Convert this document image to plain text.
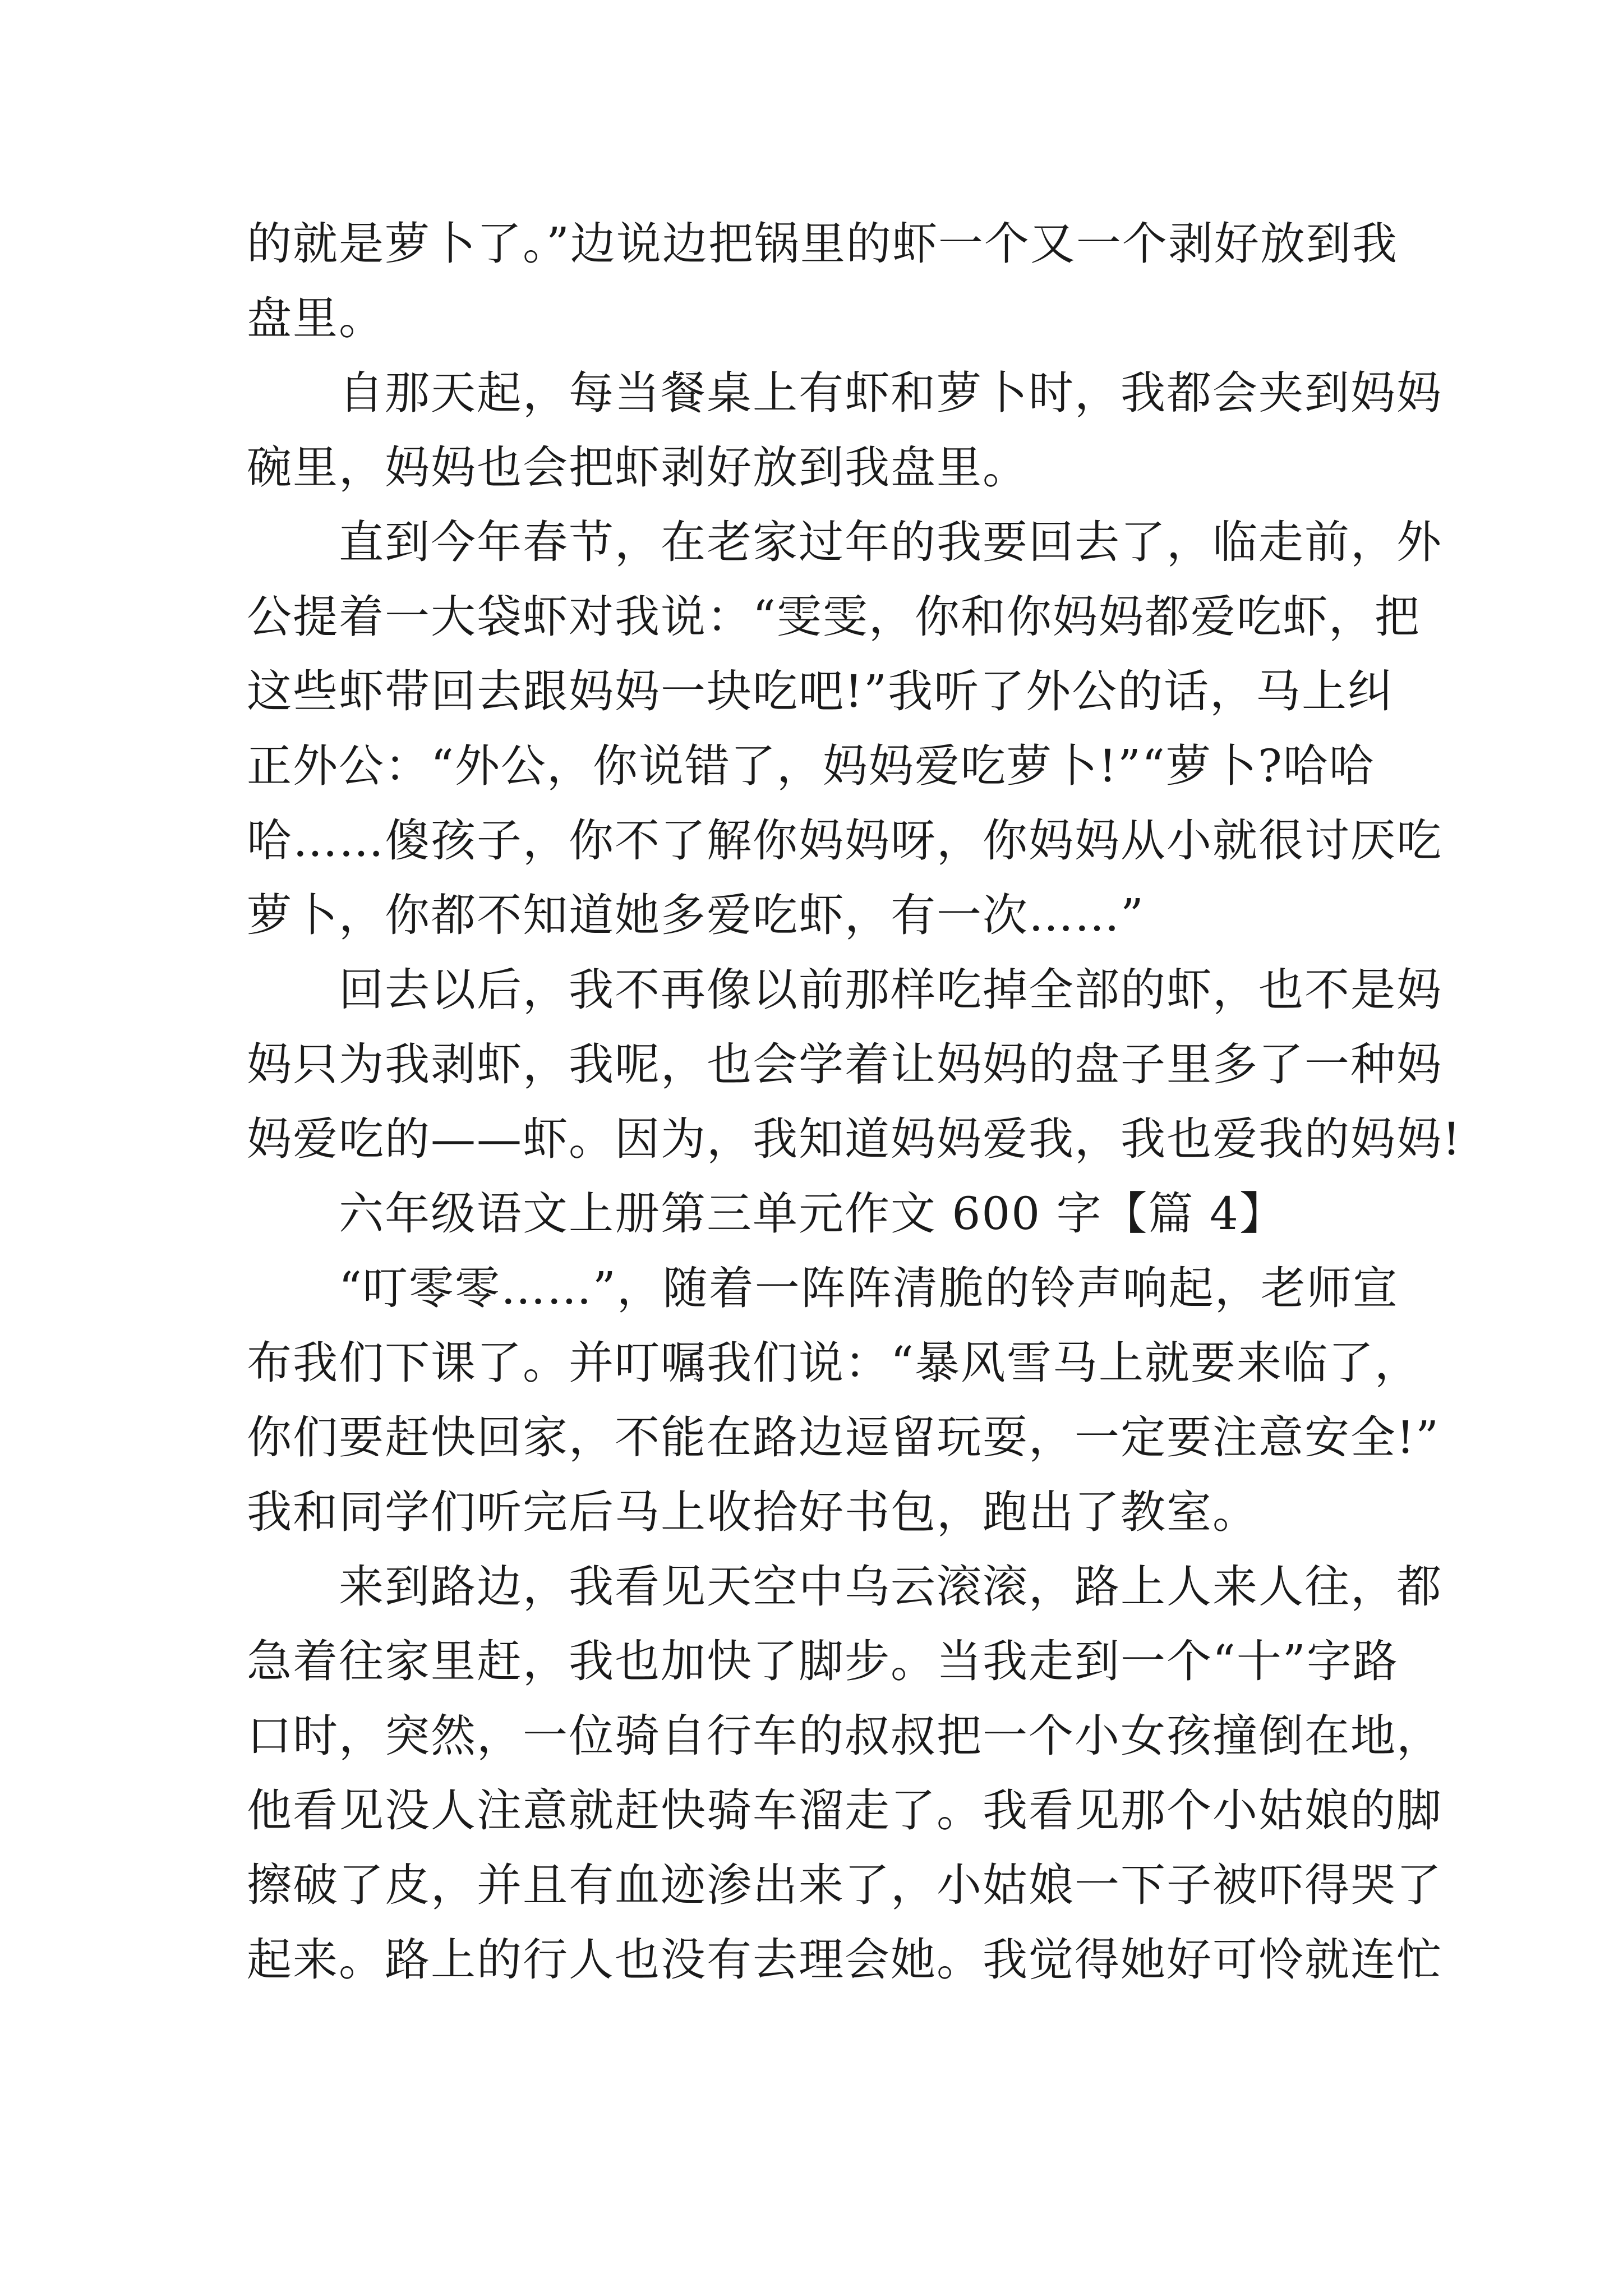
的就是萝卜了。”边说边把锅里的虾一个又一个剥好放到我
盘里。
　　自那天起，每当餐桌上有虾和萝卜时，我都会夹到妈妈
碗里，妈妈也会把虾剥好放到我盘里。
　　直到今年春节，在老家过年的我要回去了，临走前，外
公提着一大袋虾对我说：“雯雯，你和你妈妈都爱吃虾，把
这些虾带回去跟妈妈一块吃吧!”我听了外公的话，马上纠
正外公：“外公，你说错了，妈妈爱吃萝卜!”“萝卜?哈哈
哈……傻孩子，你不了解你妈妈呀，你妈妈从小就很讨厌吃
萝卜，你都不知道她多爱吃虾，有一次……”
　　回去以后，我不再像以前那样吃掉全部的虾，也不是妈
妈只为我剥虾，我呢，也会学着让妈妈的盘子里多了一种妈
妈爱吃的——虾。因为，我知道妈妈爱我，我也爱我的妈妈!
　　六年级语文上册第三单元作文 600 字【篇 4】
　　“叮零零……”，随着一阵阵清脆的铃声响起，老师宣
布我们下课了。并叮嘱我们说：“暴风雪马上就要来临了，
你们要赶快回家，不能在路边逗留玩耍，一定要注意安全!”
我和同学们听完后马上收拾好书包，跑出了教室。
　　来到路边，我看见天空中乌云滚滚，路上人来人往，都
急着往家里赶，我也加快了脚步。当我走到一个“十”字路
口时，突然，一位骑自行车的叔叔把一个小女孩撞倒在地，
他看见没人注意就赶快骑车溜走了。我看见那个小姑娘的脚
擦破了皮，并且有血迹渗出来了，小姑娘一下子被吓得哭了
起来。路上的行人也没有去理会她。我觉得她好可怜就连忙
